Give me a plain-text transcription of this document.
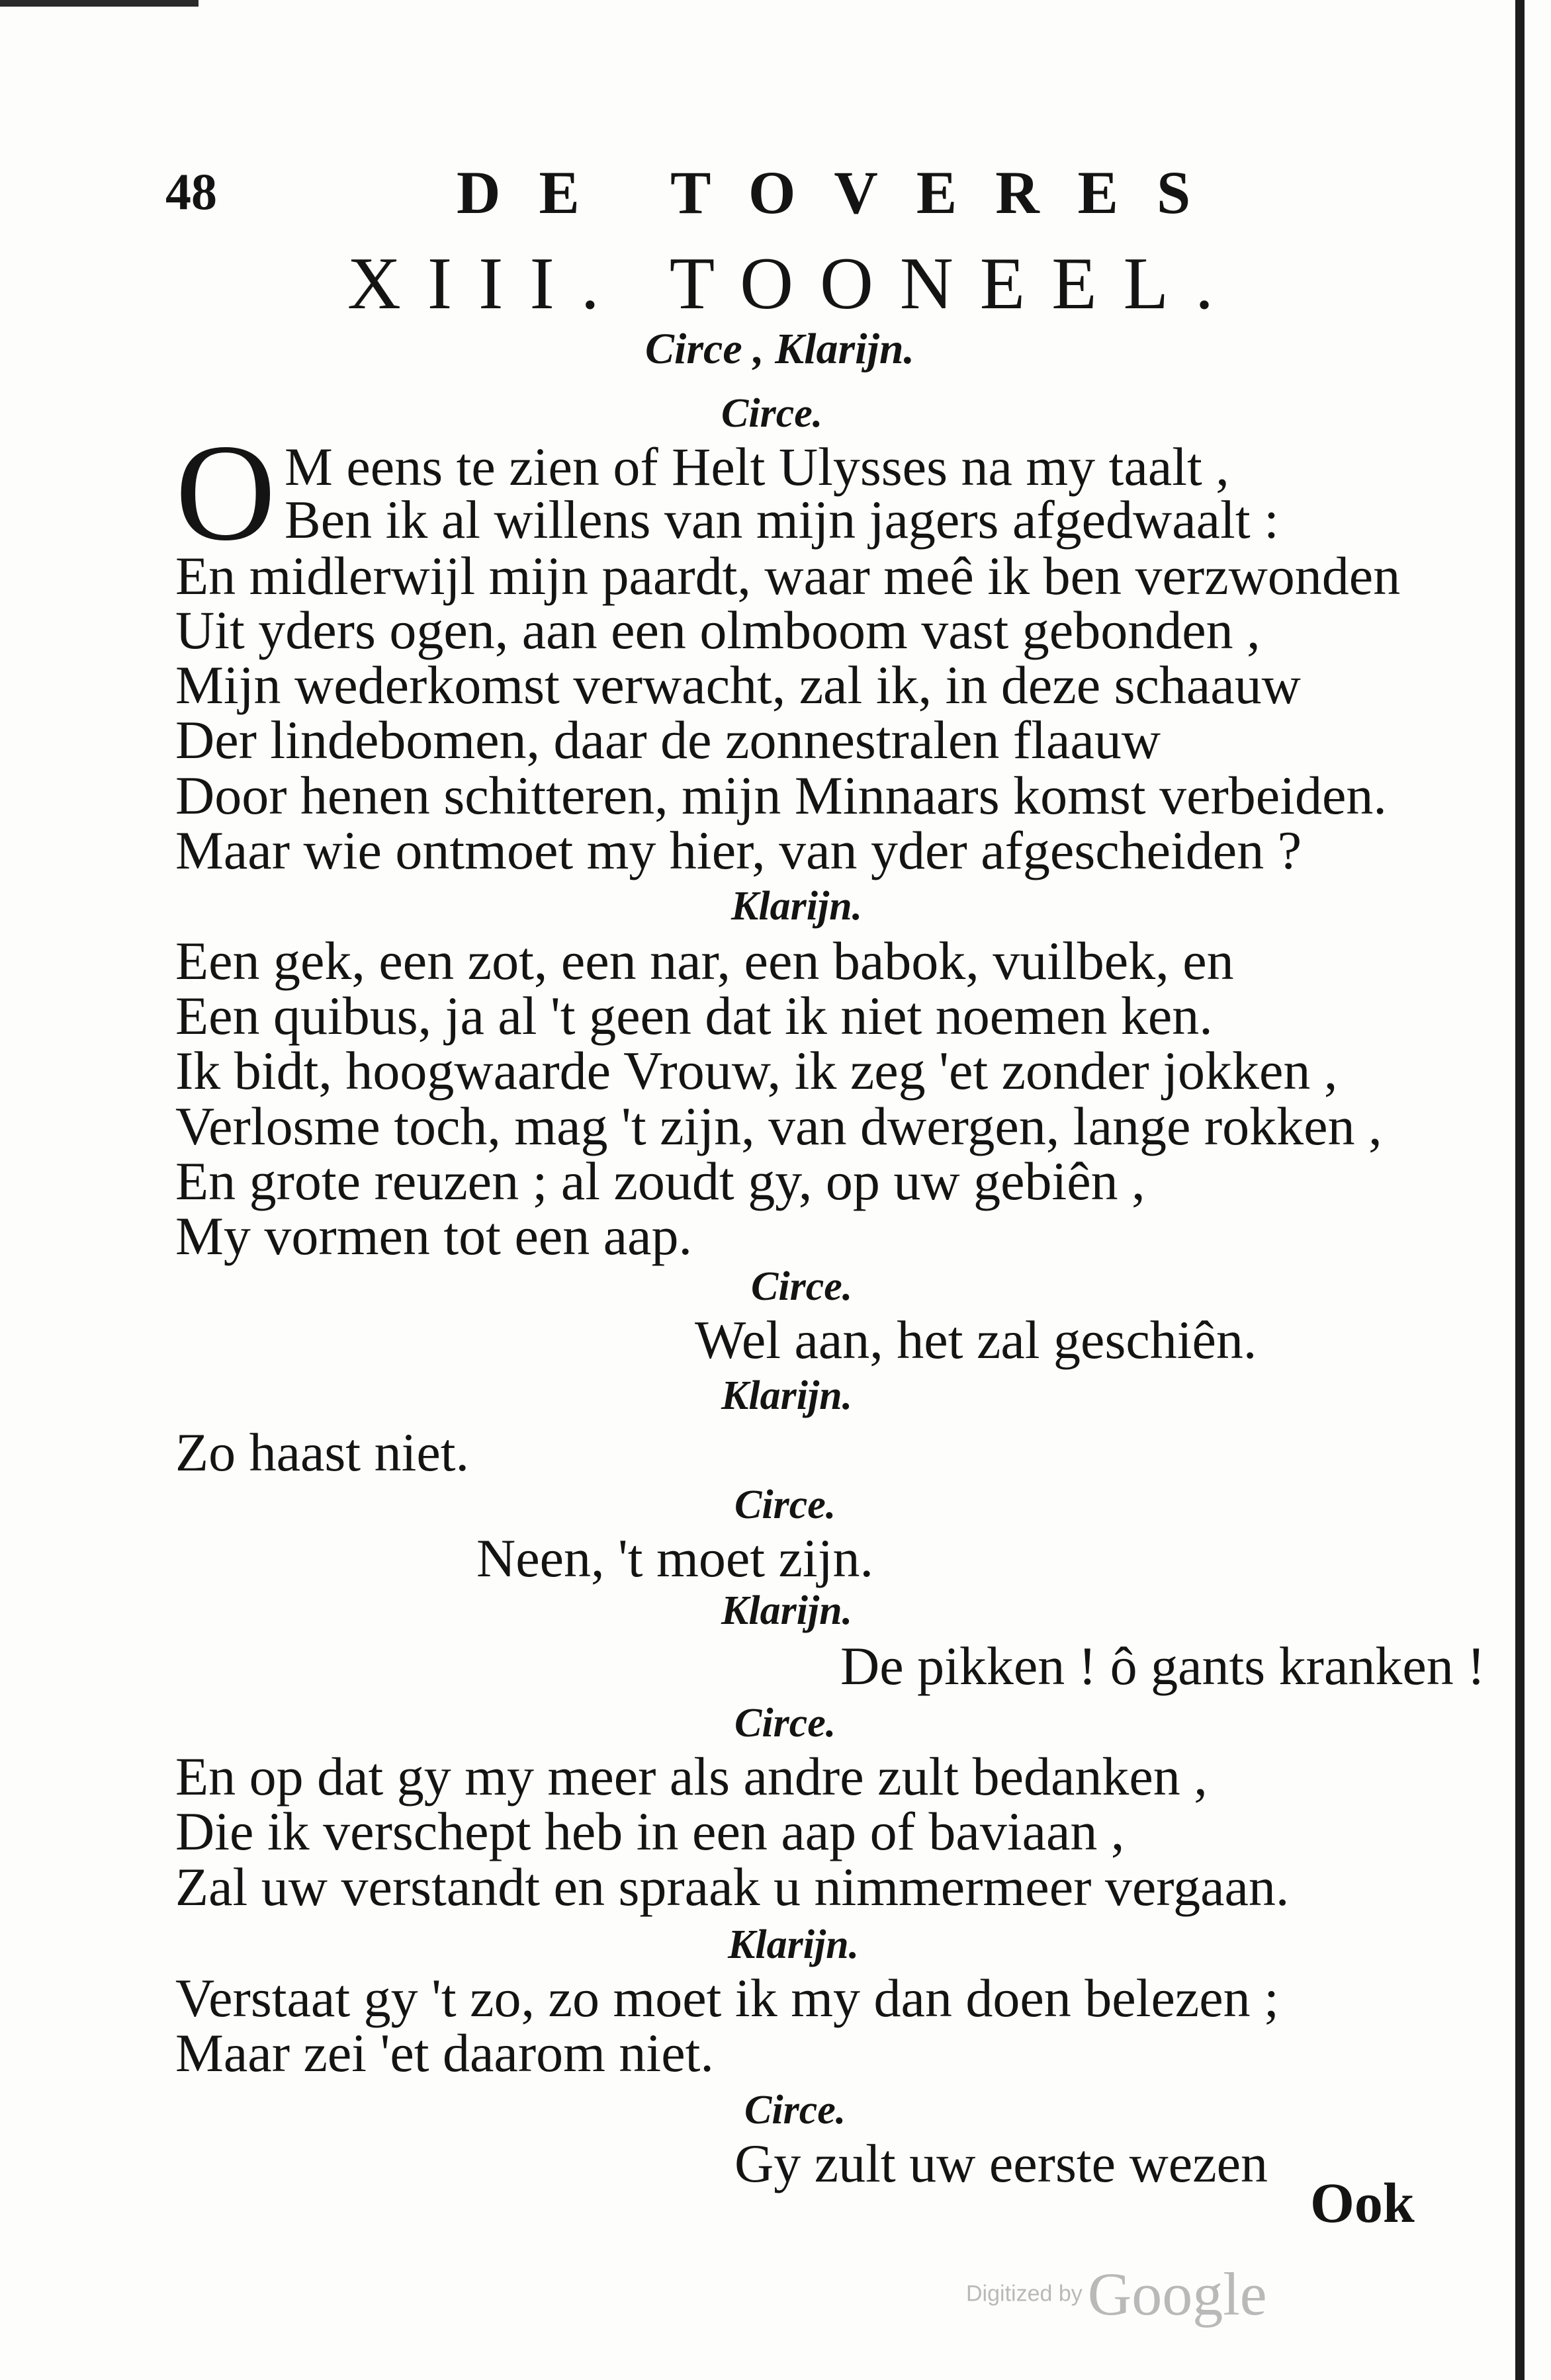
48	DE TOVERES
XIII. TOONEEL.
Circe , Klarijn.
Circe.
O M eens te zien of Helt Ulysses na my taalt ,
Ben ik al willens van mijn jagers afgedwaalt :
En midlerwijl mijn paardt, waar meê ik ben verzwonden
Uit yders ogen, aan een olmboom vast gebonden ,
Mijn wederkomst verwacht, zal ik, in deze schaauw
Der lindebomen, daar de zonnestralen flaauw
Door henen schitteren, mijn Minnaars komst verbeiden.
Maar wie ontmoet my hier, van yder afgescheiden ?
Klarijn.
Een gek, een zot, een nar, een babok, vuilbek, en
Een quibus, ja al 't geen dat ik niet noemen ken.
Ik bidt, hoogwaarde Vrouw, ik zeg 'et zonder jokken ,
Verlosme toch, mag 't zijn, van dwergen, lange rokken ,
En grote reuzen ; al zoudt gy, op uw gebiên ,
My vormen tot een aap.
Circe.
Wel aan, het zal geschiên.
Klarijn.
Zo haast niet.
Circe.
Neen, 't moet zijn.
Klarijn.
De pikken ! ô gants kranken !
Circe.
En op dat gy my meer als andre zult bedanken ,
Die ik verschept heb in een aap of baviaan ,
Zal uw verstandt en spraak u nimmermeer vergaan.
Klarijn.
Verstaat gy 't zo, zo moet ik my dan doen belezen ;
Maar zei 'et daarom niet.
Circe.
Gy zult uw eerste wezen
Ook
Digitized byGoogle
